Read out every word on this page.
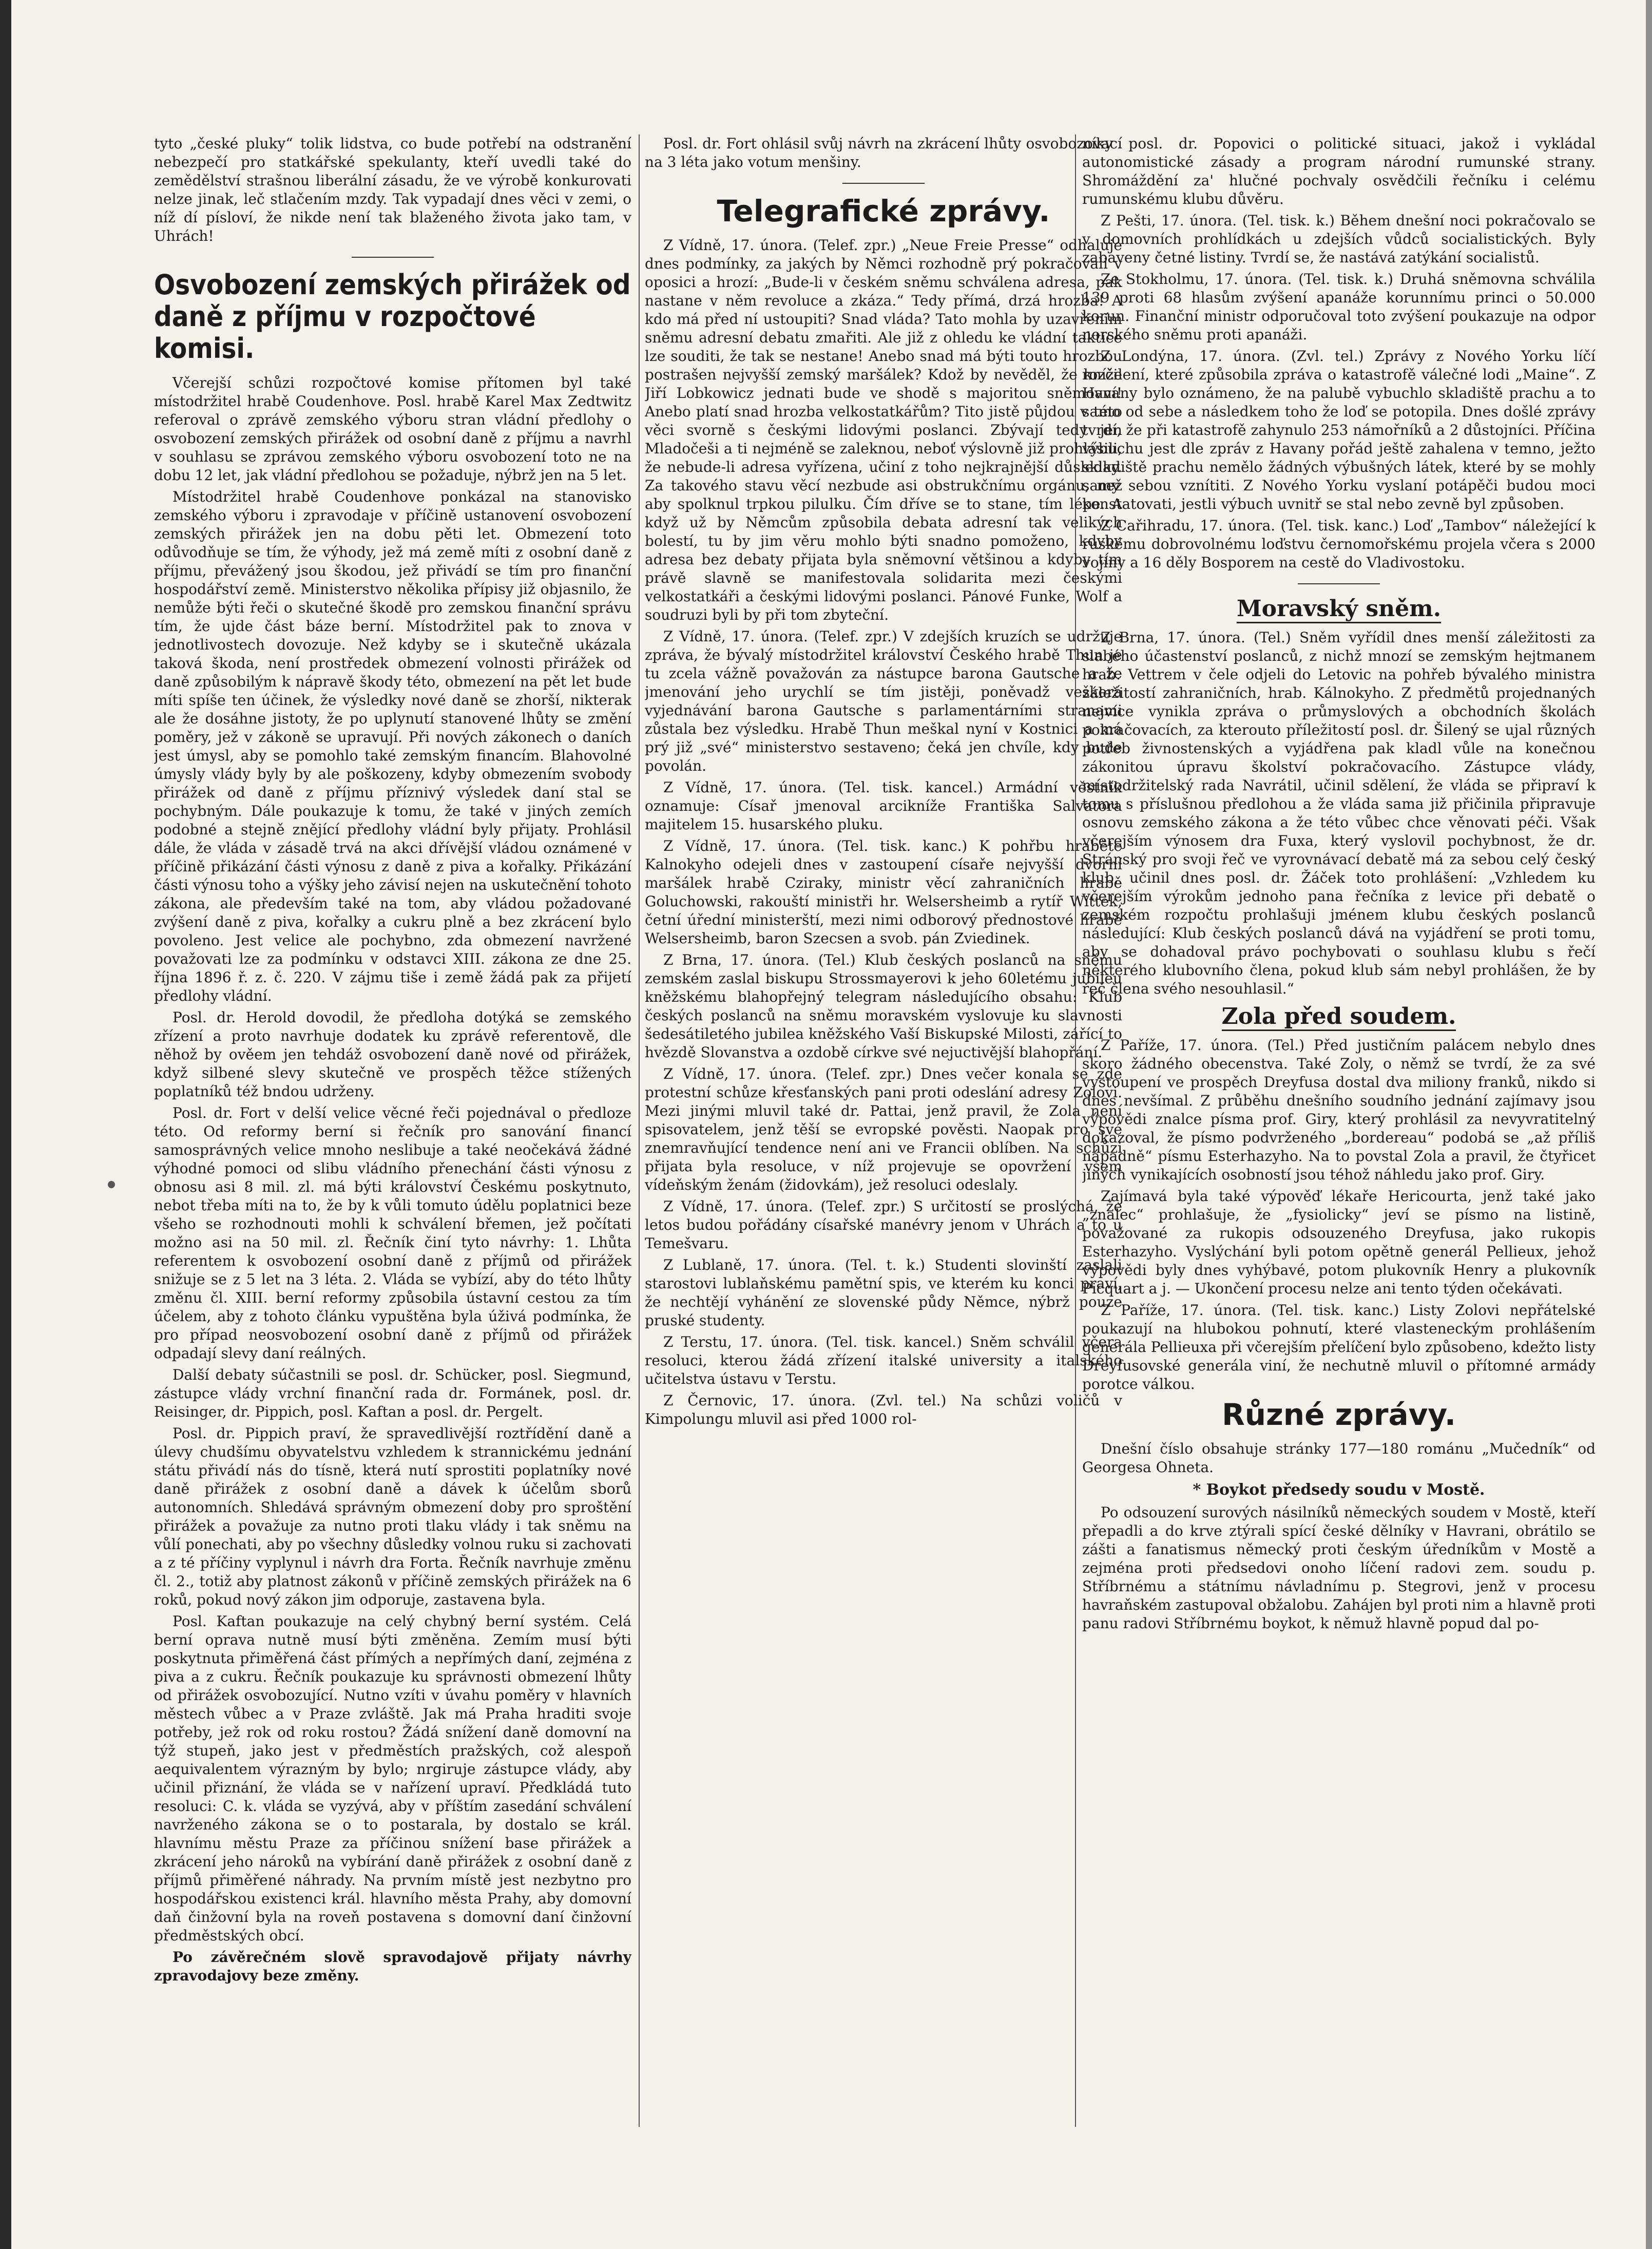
tyto „české pluky“ tolik lidstva, co bude potřebí na odstranění nebezpečí pro statkářské spekulanty, kteří uvedli také do zemědělství strašnou liberální zásadu, že ve výrobě konkurovati nelze jinak, leč stlačením mzdy. Tak vypadají dnes věci v zemi, o níž dí písloví, že nikde není tak blaženého života jako tam, v Uhrách!

Osvobození zemských přirážek od daně z příjmu v rozpočtové komisi.

Včerejší schůzi rozpočtové komise přítomen byl také místodržitel hrabě Coudenhove. Posl. hrabě Karel Max Zedtwitz referoval o zprávě zemského výboru stran vládní předlohy o osvobození zemských přirážek od osobní daně z příjmu a navrhl v souhlasu se zprávou zemského výboru osvobození toto ne na dobu 12 let, jak vládní předlohou se požaduje, nýbrž jen na 5 let.

Místodržitel hrabě Coudenhove ponkázal na stanovisko zemského výboru i zpravodaje v příčině ustanovení osvobození zemských přirážek jen na dobu pěti let. Obmezení toto odůvodňuje se tím, že výhody, jež má země míti z osobní daně z příjmu, převážený jsou škodou, jež přivádí se tím pro finanční hospodářství země. Ministerstvo několika přípisy již objasnilo, že nemůže býti řeči o skutečné škodě pro zemskou finanční správu tím, že ujde část báze berní. Místodržitel pak to znova v jednotlivostech dovozuje. Než kdyby se i skutečně ukázala taková škoda, není prostředek obmezení volnosti přirážek od daně způsobilým k nápravě škody této, obmezení na pět let bude míti spíše ten účinek, že výsledky nové daně se zhorší, nikterak ale že dosáhne jistoty, že po uplynutí stanovené lhůty se změní poměry, jež v zákoně se upravují. Při nových zákonech o daních jest úmysl, aby se pomohlo také zemským financím. Blahovolné úmysly vlády byly by ale poškozeny, kdyby obmezením svobody přirážek od daně z příjmu příznivý výsledek daní stal se pochybným. Dále poukazuje k tomu, že také v jiných zemích podobné a stejně znějící předlohy vládní byly přijaty. Prohlásil dále, že vláda v zásadě trvá na akci dřívější vládou oznámené v příčině přikázání části výnosu z daně z piva a kořalky. Přikázání části výnosu toho a výšky jeho závisí nejen na uskutečnění tohoto zákona, ale především také na tom, aby vládou požadované zvýšení daně z piva, kořalky a cukru plně a bez zkrácení bylo povoleno. Jest velice ale pochybno, zda obmezení navržené považovati lze za podmínku v odstavci XIII. zákona ze dne 25. října 1896 ř. z. č. 220. V zájmu tiše i země žádá pak za přijetí předlohy vládní.

Posl. dr. Herold dovodil, že předloha dotýká se zemského zřízení a proto navrhuje dodatek ku zprávě referentově, dle něhož by ověem jen tehdáž osvobození daně nové od přirážek, když silbené slevy skutečně ve prospěch těžce stížených poplatníků též bndou udrženy.

Posl. dr. Fort v delší velice věcné řeči pojednával o předloze této. Od reformy berní si řečník pro sanování financí samosprávných velice mnoho neslibuje a také neočekává žádné výhodné pomoci od slibu vládního přenechání části výnosu z obnosu asi 8 mil. zl. má býti království Českému poskytnuto, nebot třeba míti na to, že by k vůli tomuto údělu poplatnici beze všeho se rozhodnouti mohli k schválení břemen, jež počítati možno asi na 50 mil. zl. Řečník činí tyto návrhy: 1. Lhůta referentem k osvobození osobní daně z příjmů od přirážek snižuje se z 5 let na 3 léta. 2. Vláda se vybízí, aby do této lhůty změnu čl. XIII. berní reformy způsobila ústavní cestou za tím účelem, aby z tohoto článku vypuštěna byla úživá podmínka, že pro případ neosvobození osobní daně z příjmů od přirážek odpadají slevy daní reálných.

Další debaty súčastnili se posl. dr. Schücker, posl. Siegmund, zástupce vlády vrchní finanční rada dr. Formánek, posl. dr. Reisinger, dr. Pippich, posl. Kaftan a posl. dr. Pergelt.

Posl. dr. Pippich praví, že spravedlivější roztřídění daně a úlevy chudšímu obyvatelstvu vzhledem k strannickému jednání státu přivádí nás do tísně, která nutí sprostiti poplatníky nové daně přirážek z osobní daně a dávek k účelům sborů autonomních. Shledává správným obmezení doby pro sproštění přirážek a považuje za nutno proti tlaku vlády i tak sněmu na vůlí ponechati, aby po všechny důsledky volnou ruku si zachovati a z té příčiny vyplynul i návrh dra Forta. Řečník navrhuje změnu čl. 2., totiž aby platnost zákonů v příčině zemských přirážek na 6 roků, pokud nový zákon jim odporuje, zastavena byla.

Posl. Kaftan poukazuje na celý chybný berní systém. Celá berní oprava nutně musí býti změněna. Zemím musí býti poskytnuta přiměřená část přímých a nepřímých daní, zejména z piva a z cukru. Řečník poukazuje ku správnosti obmezení lhůty od přirážek osvobozující. Nutno vzíti v úvahu poměry v hlavních městech vůbec a v Praze zvláště. Jak má Praha hraditi svoje potřeby, jež rok od roku rostou? Žádá snížení daně domovní na týž stupeň, jako jest v předměstích pražských, což alespoň aequivalentem výrazným by bylo; nrgiruje zástupce vlády, aby učinil přiznání, že vláda se v nařízení upraví. Předkládá tuto resoluci: C. k. vláda se vyzývá, aby v příštím zasedání schválení navrženého zákona se o to postarala, by dostalo se král. hlavnímu městu Praze za příčinou snížení base přirážek a zkrácení jeho nároků na vybírání daně přirážek z osobní daně z příjmů přiměřené náhrady. Na prvním místě jest nezbytno pro hospodářskou existenci král. hlavního města Prahy, aby domovní daň činžovní byla na roveň postavena s domovní daní činžovní předměstských obcí.

Po závěrečném slově spravodajově přijaty návrhy zpravodajovy beze změny.

Posl. dr. Fort ohlásil svůj návrh na zkrácení lhůty osvobozovací na 3 léta jako votum menšiny.

Telegrafické zprávy.

Z Vídně, 17. února. (Telef. zpr.) „Neue Freie Presse“ odhaluje dnes podmínky, za jakých by Němci rozhodně prý pokračovali v oposici a hrozí: „Bude-li v českém sněmu schválena adresa, pak nastane v něm revoluce a zkáza.“ Tedy přímá, drzá hrozba! A kdo má před ní ustoupiti? Snad vláda? Tato mohla by uzavřením sněmu adresní debatu zmařiti. Ale již z ohledu ke vládní taktice lze souditi, že tak se nestane! Anebo snad má býti touto hrozbou postrašen nejvyšší zemský maršálek? Kdož by nevěděl, že kníže Jiří Lobkowicz jednati bude ve shodě s majoritou sněmovní! Anebo platí snad hrozba velkostatkářům? Tito jistě půjdou v této věci svorně s českými lidovými poslanci. Zbývají tedy jen Mladočeši a ti nejméně se zaleknou, neboť výslovně již prohlásili, že nebude-li adresa vyřízena, učiní z toho nejkrajnější důsledky. Za takového stavu věcí nezbude asi obstrukčnímu orgánu, než aby spolknul trpkou pilulku. Čím dříve se to stane, tím lépe. A když už by Němcům způsobila debata adresní tak velikých bolestí, tu by jim věru mohlo býti snadno pomoženo, kdyby adresa bez debaty přijata byla sněmovní většinou a kdyby tím právě slavně se manifestovala solidarita mezi českými velkostatkáři a českými lidovými poslanci. Pánové Funke, Wolf a soudruzi byli by při tom zbyteční.

Z Vídně, 17. února. (Telef. zpr.) V zdejších kruzích se udržuje zpráva, že bývalý místodržitel království Českého hrabě Thun je tu zcela vážně považován za nástupce barona Gautsche a že jmenování jeho urychlí se tím jistěji, poněvadž veškerá vyjednávání barona Gautsche s parlamentárními stranami zůstala bez výsledku. Hrabě Thun meškal nyní v Kostnici a má prý již „své“ ministerstvo sestaveno; čeká jen chvíle, kdy bude povolán.

Z Vídně, 17. února. (Tel. tisk. kancel.) Armádní věstník oznamuje: Císař jmenoval arcikníže Františka Salvatora majitelem 15. husarského pluku.

Z Vídně, 17. února. (Tel. tisk. kanc.) K pohřbu hraběte Kalnokyho odejeli dnes v zastoupení císaře nejvyšší dvorní maršálek hrabě Cziraky, ministr věcí zahraničních hrabě Goluchowski, rakouští ministři hr. Welsersheimb a rytíř Wittek, četní úřední ministerští, mezi nimi odborový přednostové hrabě Welsersheimb, baron Szecsen a svob. pán Zviedinek.

Z Brna, 17. února. (Tel.) Klub českých poslanců na sněmu zemském zaslal biskupu Strossmayerovi k jeho 60letému jubileu kněžskému blahopřejný telegram následujícího obsahu: Klub českých poslanců na sněmu moravském vyslovuje ku slavnosti šedesátiletého jubilea kněžského Vaší Biskupské Milosti, zářící to hvězdě Slovanstva a ozdobě církve své nejuctivější blahopřání.

Z Vídně, 17. února. (Telef. zpr.) Dnes večer konala se zde protestní schůze křesťanských pani proti odeslání adresy Zolovi. Mezi jinými mluvil také dr. Pattai, jenž pravil, že Zola není spisovatelem, jenž těší se evropské pověsti. Naopak pro své znemravňující tendence není ani ve Francii oblíben. Na schůzi přijata byla resoluce, v níž projevuje se opovržení všem vídeňským ženám (židovkám), jež resoluci odeslaly.

Z Vídně, 17. února. (Telef. zpr.) S určitostí se proslýchá, že letos budou pořádány císařské manévry jenom v Uhrách a to u Temešvaru.

Z Lublaně, 17. února. (Tel. t. k.) Studenti slovinští zaslali starostovi lublaňskému pamětní spis, ve kterém ku konci praví, že nechtějí vyhánění ze slovenské půdy Němce, nýbrž pouze pruské studenty.

Z Terstu, 17. února. (Tel. tisk. kancel.) Sněm schválil včera resoluci, kterou žádá zřízení italské university a italského učitelstva ústavu v Terstu.

Z Černovic, 17. února. (Zvl. tel.) Na schůzi voličů v Kimpolungu mluvil asi před 1000 rol-

níky posl. dr. Popovici o politické situaci, jakož i vykládal autonomistické zásady a program národní rumunské strany. Shromáždění za' hlučné pochvaly osvědčili řečníku i celému rumunskému klubu důvěru.

Z Pešti, 17. února. (Tel. tisk. k.) Během dnešní noci pokračovalo se v domovních prohlídkách u zdejších vůdců socialistických. Byly zabaveny četné listiny. Tvrdí se, že nastává zatýkání socialistů.

Ze Stokholmu, 17. února. (Tel. tisk. k.) Druhá sněmovna schválila 139 proti 68 hlasům zvýšení apanáže korunnímu princi o 50.000 korun. Finanční ministr odporučoval toto zvýšení poukazuje na odpor norského sněmu proti apanáži.

Z Londýna, 17. února. (Zvl. tel.) Zprávy z Nového Yorku líčí rozčilení, které způsobila zpráva o katastrofě válečné lodi „Maine“. Z Havany bylo oznámeno, že na palubě vybuchlo skladiště prachu a to samo od sebe a následkem toho že loď se potopila. Dnes došlé zprávy tvrdí, že při katastrofě zahynulo 253 námořníků a 2 důstojníci. Příčina výbuchu jest dle zpráv z Havany pořád ještě zahalena v temno, ježto skladiště prachu nemělo žádných výbušných látek, které by se mohly samy sebou vznítiti. Z Nového Yorku vyslaní potápěči budou moci konstatovati, jestli výbuch uvnitř se stal nebo zevně byl způsoben.

Z Cařihradu, 17. února. (Tel. tisk. kanc.) Loď „Tambov“ náležející k ruskému dobrovolnému loďstvu černomořskému projela včera s 2000 vojíny a 16 děly Bosporem na cestě do Vladivostoku.

Moravský sněm.

Z Brna, 17. února. (Tel.) Sněm vyřídil dnes menší záležitosti za slabého účastenství poslanců, z nichž mnozí se zemským hejtmanem hrab. Vettrem v čele odjeli do Letovic na pohřeb bývalého ministra záležitostí zahraničních, hrab. Kálnokyho. Z předmětů projednaných nejvíce vynikla zpráva o průmyslových a obchodních školách pokračovacích, za kterouto příležitostí posl. dr. Šilený se ujal různých potřeb živnostenských a vyjádřena pak kladl vůle na konečnou zákonitou úpravu školství pokračovacího. Zástupce vlády, místodržitelský rada Navrátil, učinil sdělení, že vláda se připraví k tomu s příslušnou předlohou a že vláda sama již přičinila připravuje osnovu zemského zákona a že této vůbec chce věnovati péči. Však včerejším výnosem dra Fuxa, který vyslovil pochybnost, že dr. Stránský pro svoji řeč ve vyrovnávací debatě má za sebou celý český klub, učinil dnes posl. dr. Žáček toto prohlášení: „Vzhledem ku včerejším výrokům jednoho pana řečníka z levice při debatě o zemském rozpočtu prohlašuji jménem klubu českých poslanců následující: Klub českých poslanců dává na vyjádření se proti tomu, aby se dohadoval právo pochybovati o souhlasu klubu s řečí některého klubovního člena, pokud klub sám nebyl prohlášen, že by řeč člena svého nesouhlasil.“

Zola před soudem.

Z Paříže, 17. února. (Tel.) Před justičním palácem nebylo dnes skoro žádného obecenstva. Také Zoly, o němž se tvrdí, že za své vystoupení ve prospěch Dreyfusa dostal dva miliony franků, nikdo si dnes nevšímal. Z průběhu dnešního soudního jednání zajímavy jsou výpovědi znalce písma prof. Giry, který prohlásil za nevyvratitelný dokazoval, že písmo podvrženého „bordereau“ podobá se „až příliš nápadně“ písmu Esterhazyho. Na to povstal Zola a pravil, že čtyřicet jiných vynikajících osobností jsou téhož náhledu jako prof. Giry.

Zajímavá byla také výpověď lékaře Hericourta, jenž také jako „znalec“ prohlašuje, že „fysiolicky“ jeví se písmo na listině, považované za rukopis odsouzeného Dreyfusa, jako rukopis Esterhazyho. Vyslýchání byli potom opětně generál Pellieux, jehož výpovědi byly dnes vyhýbavé, potom plukovník Henry a plukovník Picquart a j. — Ukončení procesu nelze ani tento týden očekávati.

Z Paříže, 17. února. (Tel. tisk. kanc.) Listy Zolovi nepřátelské poukazují na hlubokou pohnutí, které vlasteneckým prohlášením generála Pellieuxa při včerejším přelíčení bylo způsobeno, kdežto listy Dreyfusovské generála viní, že nechutně mluvil o přítomné armády porotce válkou.

Různé zprávy.

Dnešní číslo obsahuje stránky 177—180 románu „Mučedník“ od Georgesa Ohneta.

* Boykot předsedy soudu v Mostě.

Po odsouzení surových násilníků německých soudem v Mostě, kteří přepadli a do krve ztýrali spící české dělníky v Havrani, obrátilo se zášti a fanatismus německý proti českým úředníkům v Mostě a zejména proti předsedovi onoho líčení radovi zem. soudu p. Stříbrnému a státnímu návladnímu p. Stegrovi, jenž v procesu havraňském zastupoval obžalobu. Zahájen byl proti nim a hlavně proti panu radovi Stříbrnému boykot, k němuž hlavně popud dal po-
